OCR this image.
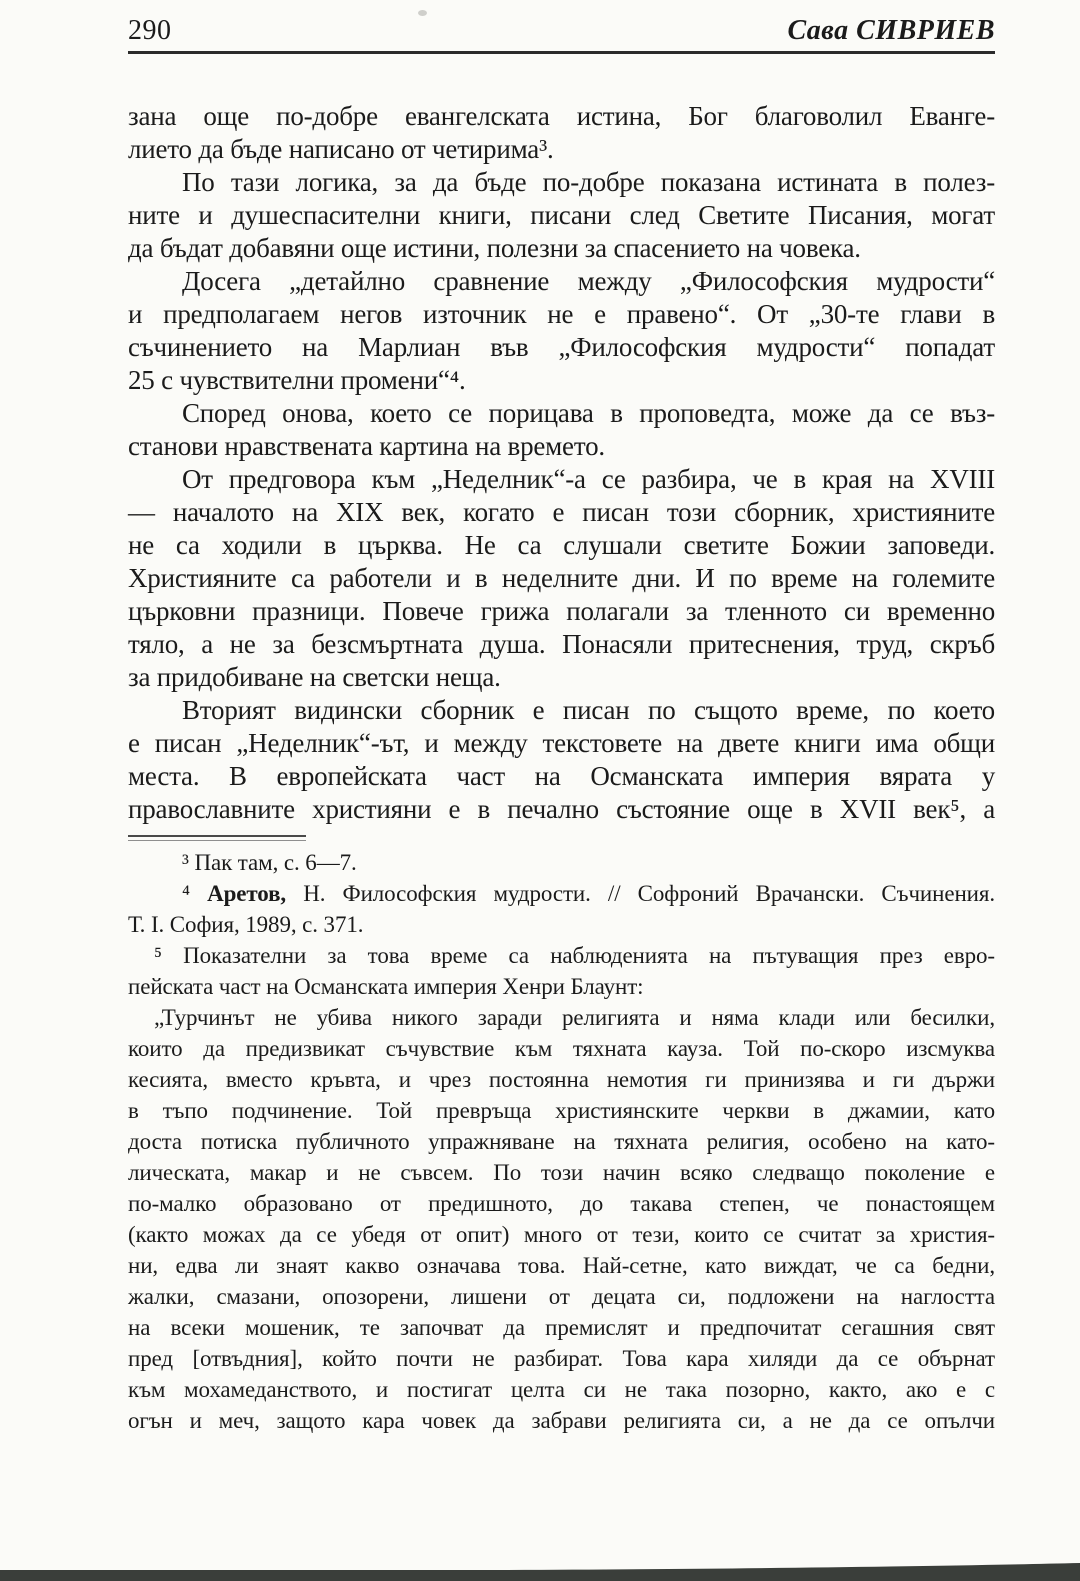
290	Сава СИВРИЕВ
зана още по-добре евангелската истина, Бог благоволил Еванге-
лието да бъде написано от четирима³.
По тази логика, за да бъде по-добре показана истината в полез-
ните и душеспасителни книги, писани след Светите Писания, могат
да бъдат добавяни още истини, полезни за спасението на човека.
Досега „детайлно сравнение между „Философския мудрости“
и предполагаем негов източник не е правено“. От „30-те глави в
съчинението на Марлиан във „Философския мудрости“ попадат
25 с чувствителни промени“⁴.
Според онова, което се порицава в проповедта, може да се въз-
станови нравствената картина на времето.
От предговора към „Неделник“-а се разбира, че в края на XVIII
— началото на XIX век, когато е писан този сборник, християните
не са ходили в църква. Не са слушали светите Божии заповеди.
Християните са работели и в неделните дни. И по време на големите
църковни празници. Повече грижа полагали за тленното си временно
тяло, а не за безсмъртната душа. Понасяли притеснения, труд, скръб
за придобиване на светски неща.
Вторият видински сборник е писан по същото време, по което
е писан „Неделник“-ът, и между текстовете на двете книги има общи
места. В европейската част на Османската империя вярата у
православните християни е в печално състояние още в XVII век⁵, а
³ Пак там, с. 6—7.
⁴ Аретов, Н. Философския мудрости. // Софроний Врачански. Съчинения.
Т. I. София, 1989, с. 371.
⁵ Показателни за това време са наблюденията на пътуващия през евро-
пейската част на Османската империя Хенри Блаунт:
„Турчинът не убива никого заради религията и няма клади или бесилки,
които да предизвикат съчувствие към тяхната кауза. Той по-скоро изсмуква
кесията, вместо кръвта, и чрез постоянна немотия ги принизява и ги държи
в тъпо подчинение. Той превръща християнските черкви в джамии, като
доста потиска публичното упражняване на тяхната религия, особено на като-
лическата, макар и не съвсем. По този начин всяко следващо поколение е
по-малко образовано от предишното, до такава степен, че понастоящем
(както можах да се убедя от опит) много от тези, които се считат за христия-
ни, едва ли знаят какво означава това. Най-сетне, като виждат, че са бедни,
жалки, смазани, опозорени, лишени от децата си, подложени на наглостта
на всеки мошеник, те започват да премислят и предпочитат сегашния свят
пред [отвъдния], който почти не разбират. Това кара хиляди да се обърнат
към мохамеданството, и постигат целта си не така позорно, както, ако е с
огън и меч, защото кара човек да забрави религията си, а не да се опълчи
